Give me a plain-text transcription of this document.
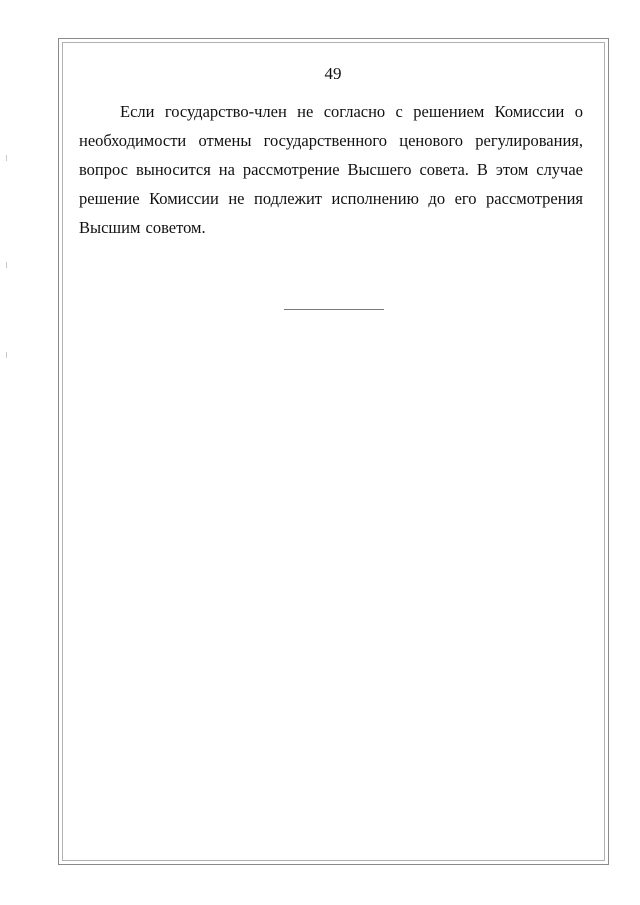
49

Если государство-член не согласно с решением Комиссии о необходимости отмены государственного ценового регулирования, вопрос выносится на рассмотрение Высшего совета. В этом случае решение Комиссии не подлежит исполнению до его рассмотрения Высшим советом.
